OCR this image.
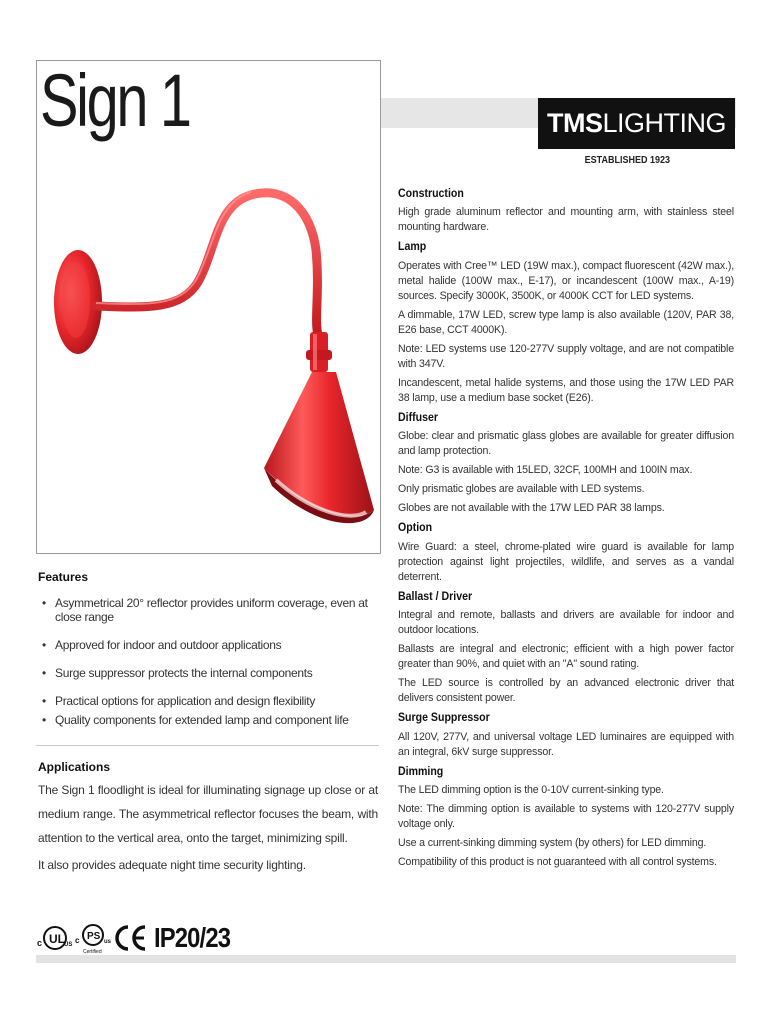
Sign 1	TMSLIGHTING
ESTABLISHED 1923
Construction

High grade aluminum reflector and mounting arm, with stainless steel mounting hardware.

Lamp

Operates with Cree™ LED (19W max.), compact fluorescent (42W max.), metal halide (100W max., E-17), or incandescent (100W max., A-19) sources. Specify 3000K, 3500K, or 4000K CCT for LED systems.

A dimmable, 17W LED, screw type lamp is also available (120V, PAR 38, E26 base, CCT 4000K).

Note: LED systems use 120-277V supply voltage, and are not compatible with 347V.

Incandescent, metal halide systems, and those using the 17W LED PAR 38 lamp, use a medium base socket (E26).

Diffuser

Globe: clear and prismatic glass globes are available for greater diffusion and lamp protection.

Note: G3 is available with 15LED, 32CF, 100MH and 100IN max.

Only prismatic globes are available with LED systems.

Globes are not available with the 17W LED PAR 38 lamps.

Option

Wire Guard: a steel, chrome-plated wire guard is available for lamp protection against light projectiles, wildlife, and serves as a vandal deterrent.

Ballast / Driver

Integral and remote, ballasts and drivers are available for indoor and outdoor locations.

Ballasts are integral and electronic; efficient with a high power factor greater than 90%, and quiet with an "A" sound rating.

The LED source is controlled by an advanced electronic driver that delivers consistent power.

Surge Suppressor

All 120V, 277V, and universal voltage LED luminaires are equipped with an integral, 6kV surge suppressor.

Dimming

The LED dimming option is the 0-10V current-sinking type.

Note: The dimming option is available to systems with 120-277V supply voltage only.

Use a current-sinking dimming system (by others) for LED dimming.

Compatibility of this product is not guaranteed with all control systems.

Features
• Asymmetrical 20° reflector provides uniform coverage, even at close range
• Approved for indoor and outdoor applications
• Surge suppressor protects the internal components
• Practical options for application and design flexibility
• Quality components for extended lamp and component life
Applications

The Sign 1 floodlight is ideal for illuminating signage up close or at medium range. The asymmetrical reflector focuses the beam, with attention to the vertical area, onto the target, minimizing spill.

It also provides adequate night time security lighting.

c UL US c PS us
Certified IP20/23
